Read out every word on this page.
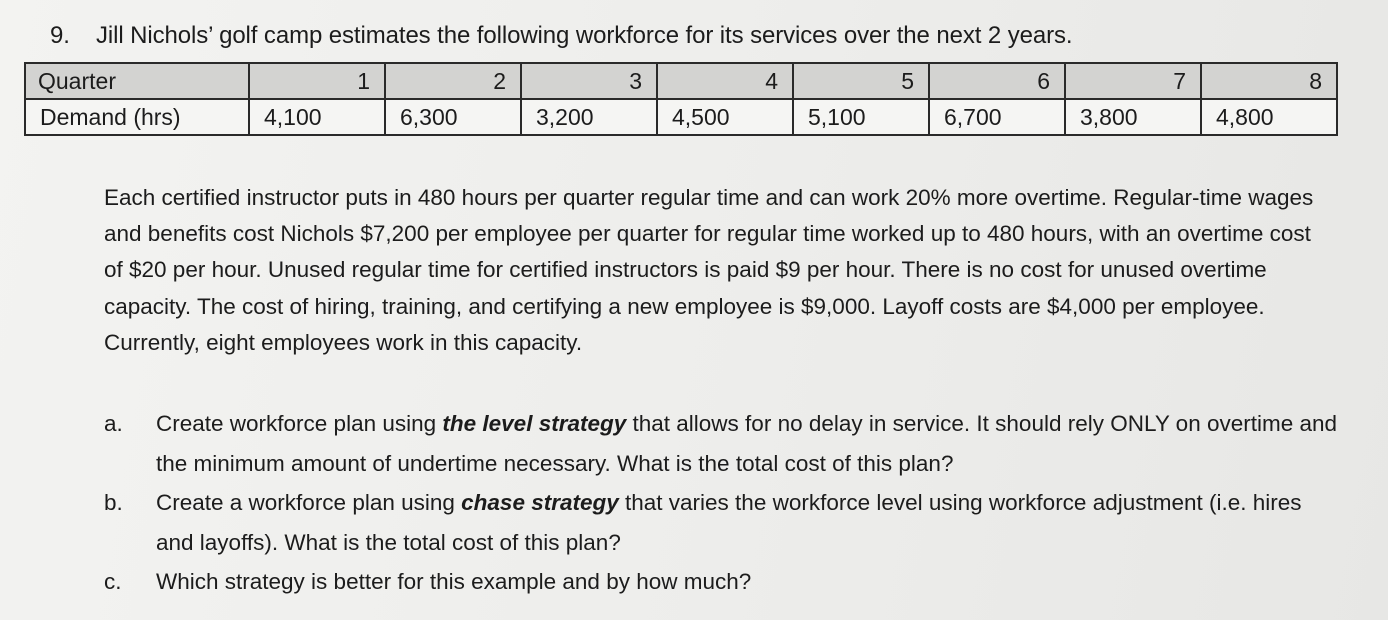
9. Jill Nichols’ golf camp estimates the following workforce for its services over the next 2 years.
Quarter	1	2	3	4	5	6	7	8
Demand (hrs)	4,100	6,300	3,200	4,500	5,100	6,700	3,800	4,800

Each certified instructor puts in 480 hours per quarter regular time and can work 20% more overtime. Regular-time wages and benefits cost Nichols $7,200 per employee per quarter for regular time worked up to 480 hours, with an overtime cost of $20 per hour. Unused regular time for certified instructors is paid $9 per hour. There is no cost for unused overtime capacity. The cost of hiring, training, and certifying a new employee is $9,000. Layoff costs are $4,000 per employee. Currently, eight employees work in this capacity.

a.	Create workforce plan using the level strategy that allows for no delay in service. It should rely ONLY on overtime and the minimum amount of undertime necessary. What is the total cost of this plan?
b.	Create a workforce plan using chase strategy that varies the workforce level using workforce adjustment (i.e. hires and layoffs). What is the total cost of this plan?
c.	Which strategy is better for this example and by how much?
